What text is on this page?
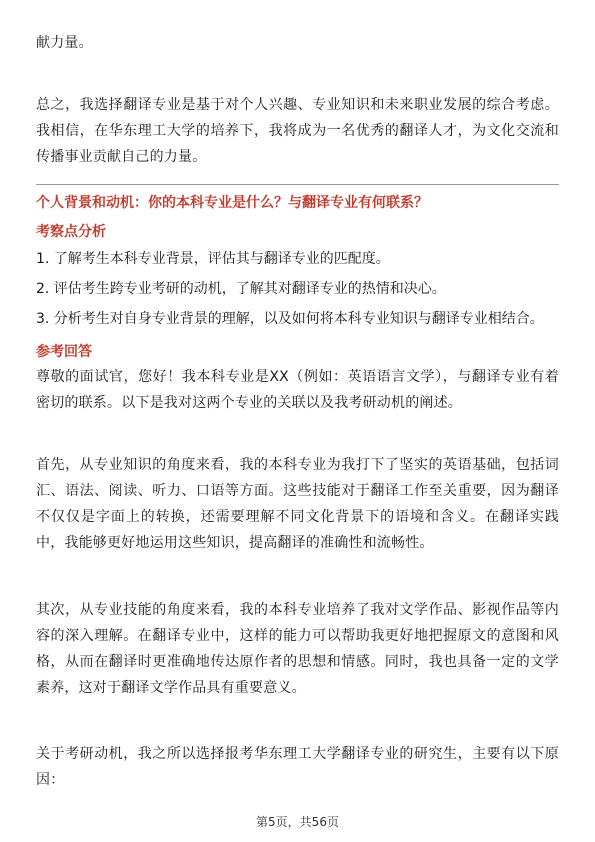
献力量。

总之，我选择翻译专业是基于对个人兴趣、专业知识和未来职业发展的综合考虑。我相信，在华东理工大学的培养下，我将成为一名优秀的翻译人才，为文化交流和传播事业贡献自己的力量。

个人背景和动机：你的本科专业是什么？与翻译专业有何联系？

考察点分析

1. 了解考生本科专业背景，评估其与翻译专业的匹配度。

2. 评估考生跨专业考研的动机，了解其对翻译专业的热情和决心。

3. 分析考生对自身专业背景的理解，以及如何将本科专业知识与翻译专业相结合。

参考回答

尊敬的面试官，您好！我本科专业是XX（例如：英语语言文学），与翻译专业有着密切的联系。以下是我对这两个专业的关联以及我考研动机的阐述。

首先，从专业知识的角度来看，我的本科专业为我打下了坚实的英语基础，包括词汇、语法、阅读、听力、口语等方面。这些技能对于翻译工作至关重要，因为翻译不仅仅是字面上的转换，还需要理解不同文化背景下的语境和含义。在翻译实践中，我能够更好地运用这些知识，提高翻译的准确性和流畅性。

其次，从专业技能的角度来看，我的本科专业培养了我对文学作品、影视作品等内容的深入理解。在翻译专业中，这样的能力可以帮助我更好地把握原文的意图和风格，从而在翻译时更准确地传达原作者的思想和情感。同时，我也具备一定的文学素养，这对于翻译文学作品具有重要意义。

关于考研动机，我之所以选择报考华东理工大学翻译专业的研究生，主要有以下原因：

第5页，共56页
